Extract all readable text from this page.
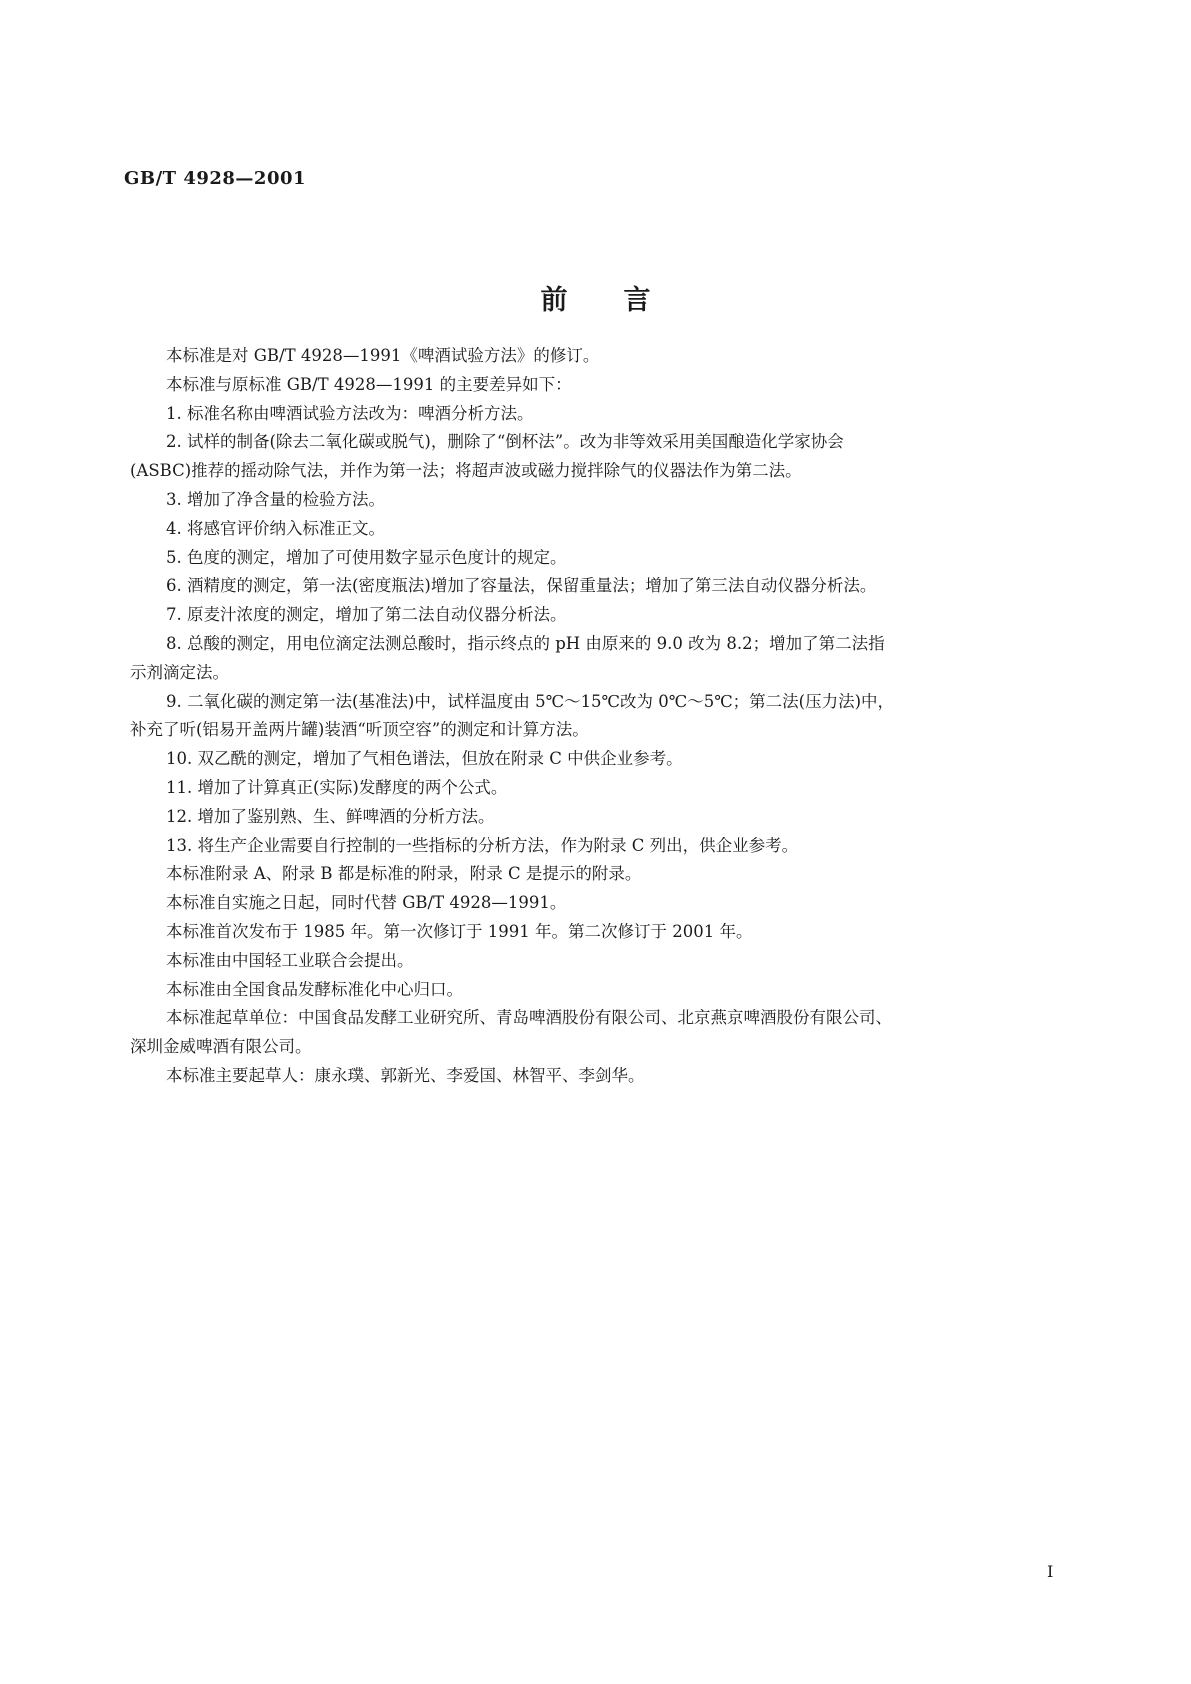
GB/T 4928—2001
前 言
本标准是对 GB/T 4928—1991《啤酒试验方法》的修订。
本标准与原标准 GB/T 4928—1991 的主要差异如下：
1. 标准名称由啤酒试验方法改为：啤酒分析方法。
2. 试样的制备(除去二氧化碳或脱气)，删除了“倒杯法”。改为非等效采用美国酿造化学家协会
(ASBC)推荐的摇动除气法，并作为第一法；将超声波或磁力搅拌除气的仪器法作为第二法。
3. 增加了净含量的检验方法。
4. 将感官评价纳入标准正文。
5. 色度的测定，增加了可使用数字显示色度计的规定。
6. 酒精度的测定，第一法(密度瓶法)增加了容量法，保留重量法；增加了第三法自动仪器分析法。
7. 原麦汁浓度的测定，增加了第二法自动仪器分析法。
8. 总酸的测定，用电位滴定法测总酸时，指示终点的 pH 由原来的 9.0 改为 8.2；增加了第二法指
示剂滴定法。
9. 二氧化碳的测定第一法(基准法)中，试样温度由 5℃～15℃改为 0℃～5℃；第二法(压力法)中，
补充了听(铝易开盖两片罐)装酒“听顶空容”的测定和计算方法。
10. 双乙酰的测定，增加了气相色谱法，但放在附录 C 中供企业参考。
11. 增加了计算真正(实际)发酵度的两个公式。
12. 增加了鉴别熟、生、鲜啤酒的分析方法。
13. 将生产企业需要自行控制的一些指标的分析方法，作为附录 C 列出，供企业参考。
本标准附录 A、附录 B 都是标准的附录，附录 C 是提示的附录。
本标准自实施之日起，同时代替 GB/T 4928—1991。
本标准首次发布于 1985 年。第一次修订于 1991 年。第二次修订于 2001 年。
本标准由中国轻工业联合会提出。
本标准由全国食品发酵标准化中心归口。
本标准起草单位：中国食品发酵工业研究所、青岛啤酒股份有限公司、北京燕京啤酒股份有限公司、
深圳金威啤酒有限公司。
本标准主要起草人：康永璞、郭新光、李爱国、林智平、李剑华。
I
